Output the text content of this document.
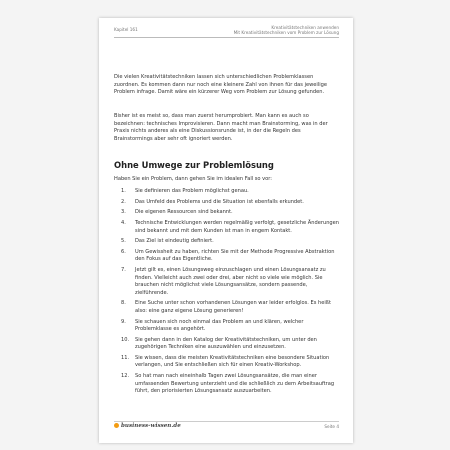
Kapitel 161	Kreativitätstechniken anwenden
Mit Kreativitätstechniken vom Problem zur Lösung
Die vielen Kreativitätstechniken lassen sich unterschiedlichen Problemklassen zuordnen. Es kommen dann nur noch eine kleinere Zahl von ihnen für das jeweilige Problem infrage. Damit wäre ein kürzerer Weg vom Problem zur Lösung gefunden.
Bisher ist es meist so, dass man zuerst herumprobiert. Man kann es auch so bezeichnen: technisches Improvisieren. Dann macht man Brainstorming, was in der Praxis nichts anderes als eine Diskussionsrunde ist, in der die Regeln des Brainstormings aber sehr oft ignoriert werden.
Ohne Umwege zur Problemlösung
Haben Sie ein Problem, dann gehen Sie im idealen Fall so vor:
1. Sie definieren das Problem möglichst genau.
2. Das Umfeld des Problems und die Situation ist ebenfalls erkundet.
3. Die eigenen Ressourcen sind bekannt.
4. Technische Entwicklungen werden regelmäßig verfolgt, gesetzliche Änderungen sind bekannt und mit dem Kunden ist man in engem Kontakt.
5. Das Ziel ist eindeutig definiert.
6. Um Gewissheit zu haben, richten Sie mit der Methode Progressive Abstraktion den Fokus auf das Eigentliche.
7. Jetzt gilt es, einen Lösungsweg einzuschlagen und einen Lösungsansatz zu finden. Vielleicht auch zwei oder drei, aber nicht so viele wie möglich. Sie brauchen nicht möglichst viele Lösungsansätze, sondern passende, zielführende.
8. Eine Suche unter schon vorhandenen Lösungen war leider erfolglos. Es heißt also: eine ganz eigene Lösung generieren!
9. Sie schauen sich noch einmal das Problem an und klären, welcher Problemklasse es angehört.
10. Sie gehen dann in den Katalog der Kreativitätstechniken, um unter den zugehörigen Techniken eine auszuwählen und einzusetzen.
11. Sie wissen, dass die meisten Kreativitätstechniken eine besondere Situation verlangen, und Sie entschließen sich für einen Kreativ-Workshop.
12. So hat man nach eineinhalb Tagen zwei Lösungsansätze, die man einer umfassenden Bewertung unterzieht und die schließlich zu dem Arbeitsauftrag führt, den priorisierten Lösungsansatz auszuarbeiten.
business-wissen.de	Seite 4
